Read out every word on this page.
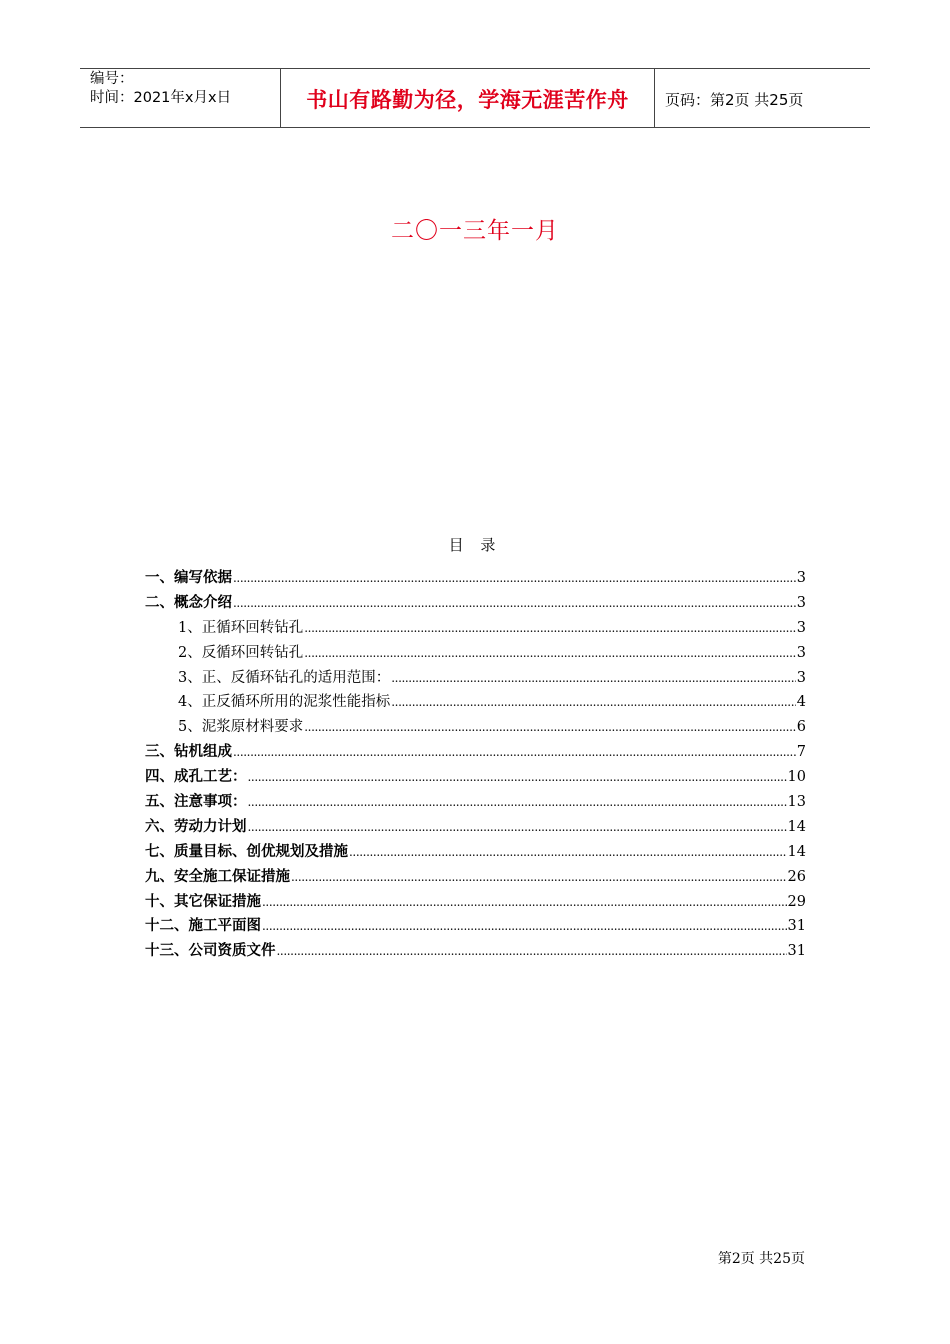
编号：
时间：2021年x月x日	书山有路勤为径，学海无涯苦作舟 页码：第2页 共25页
二〇一三年一月
目 录
一、编写依据 .....	3
二、概念介绍 .....	3
1、正循环回转钻孔 .....	3
2、反循环回转钻孔 .....	3
3、正、反循环钻孔的适用范围： .....	3
4、正反循环所用的泥浆性能指标 .....	4
5、泥浆原材料要求 .....	6
三、钻机组成 .....	7
四、成孔工艺： .....	10
五、注意事项： .....	13
六、劳动力计划 .....	14
七、质量目标、创优规划及措施 .....	14
九、安全施工保证措施 .....	26
十、其它保证措施 .....	29
十二、施工平面图 .....	31
十三、公司资质文件 .....	31
第2页 共25页
